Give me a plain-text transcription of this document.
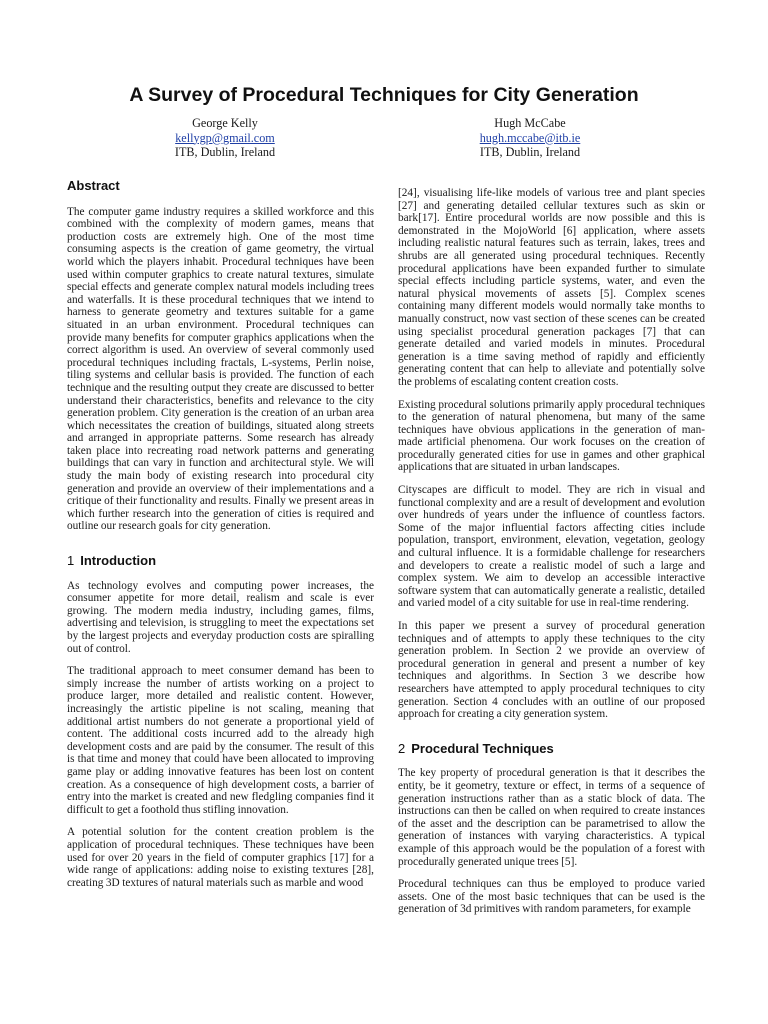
A Survey of Procedural Techniques for City Generation
George Kelly
kellygp@gmail.com
ITB, Dublin, Ireland
Hugh McCabe
hugh.mccabe@itb.ie
ITB, Dublin, Ireland
Abstract

The computer game industry requires a skilled workforce and this combined with the complexity of modern games, means that production costs are extremely high. One of the most time consuming aspects is the creation of game geometry, the virtual world which the players inhabit. Procedural techniques have been used within computer graphics to create natural textures, simulate special effects and generate complex natural models including trees and waterfalls. It is these procedural techniques that we intend to harness to generate geometry and textures suitable for a game situated in an urban environment. Procedural techniques can provide many benefits for computer graphics applications when the correct algorithm is used. An overview of several commonly used procedural techniques including fractals, L-systems, Perlin noise, tiling systems and cellular basis is provided. The function of each technique and the resulting output they create are discussed to better understand their characteristics, benefits and relevance to the city generation problem. City generation is the creation of an urban area which necessitates the creation of buildings, situated along streets and arranged in appropriate patterns. Some research has already taken place into recreating road network patterns and generating buildings that can vary in function and architectural style. We will study the main body of existing research into procedural city generation and provide an overview of their implementations and a critique of their functionality and results. Finally we present areas in which further research into the generation of cities is required and outline our research goals for city generation.

1 Introduction

As technology evolves and computing power increases, the consumer appetite for more detail, realism and scale is ever growing. The modern media industry, including games, films, advertising and television, is struggling to meet the expectations set by the largest projects and everyday production costs are spiralling out of control.

The traditional approach to meet consumer demand has been to simply increase the number of artists working on a project to produce larger, more detailed and realistic content. However, increasingly the artistic pipeline is not scaling, meaning that additional artist numbers do not generate a proportional yield of content. The additional costs incurred add to the already high development costs and are paid by the consumer. The result of this is that time and money that could have been allocated to improving game play or adding innovative features has been lost on content creation. As a consequence of high development costs, a barrier of entry into the market is created and new fledgling companies find it difficult to get a foothold thus stifling innovation.

A potential solution for the content creation problem is the application of procedural techniques. These techniques have been used for over 20 years in the field of computer graphics [17] for a wide range of applications: adding noise to existing textures [28], creating 3D textures of natural materials such as marble and wood

[24], visualising life-like models of various tree and plant species [27] and generating detailed cellular textures such as skin or bark[17]. Entire procedural worlds are now possible and this is demonstrated in the MojoWorld [6] application, where assets including realistic natural features such as terrain, lakes, trees and shrubs are all generated using procedural techniques. Recently procedural applications have been expanded further to simulate special effects including particle systems, water, and even the natural physical movements of assets [5]. Complex scenes containing many different models would normally take months to manually construct, now vast section of these scenes can be created using specialist procedural generation packages [7] that can generate detailed and varied models in minutes. Procedural generation is a time saving method of rapidly and efficiently generating content that can help to alleviate and potentially solve the problems of escalating content creation costs.

Existing procedural solutions primarily apply procedural techniques to the generation of natural phenomena, but many of the same techniques have obvious applications in the generation of man-made artificial phenomena. Our work focuses on the creation of procedurally generated cities for use in games and other graphical applications that are situated in urban landscapes.

Cityscapes are difficult to model. They are rich in visual and functional complexity and are a result of development and evolution over hundreds of years under the influence of countless factors. Some of the major influential factors affecting cities include population, transport, environment, elevation, vegetation, geology and cultural influence. It is a formidable challenge for researchers and developers to create a realistic model of such a large and complex system. We aim to develop an accessible interactive software system that can automatically generate a realistic, detailed and varied model of a city suitable for use in real-time rendering.

In this paper we present a survey of procedural generation techniques and of attempts to apply these techniques to the city generation problem. In Section 2 we provide an overview of procedural generation in general and present a number of key techniques and algorithms. In Section 3 we describe how researchers have attempted to apply procedural techniques to city generation. Section 4 concludes with an outline of our proposed approach for creating a city generation system.

2 Procedural Techniques

The key property of procedural generation is that it describes the entity, be it geometry, texture or effect, in terms of a sequence of generation instructions rather than as a static block of data. The instructions can then be called on when required to create instances of the asset and the description can be parametrised to allow the generation of instances with varying characteristics. A typical example of this approach would be the population of a forest with procedurally generated unique trees [5].

Procedural techniques can thus be employed to produce varied assets. One of the most basic techniques that can be used is the generation of 3d primitives with random parameters, for example
